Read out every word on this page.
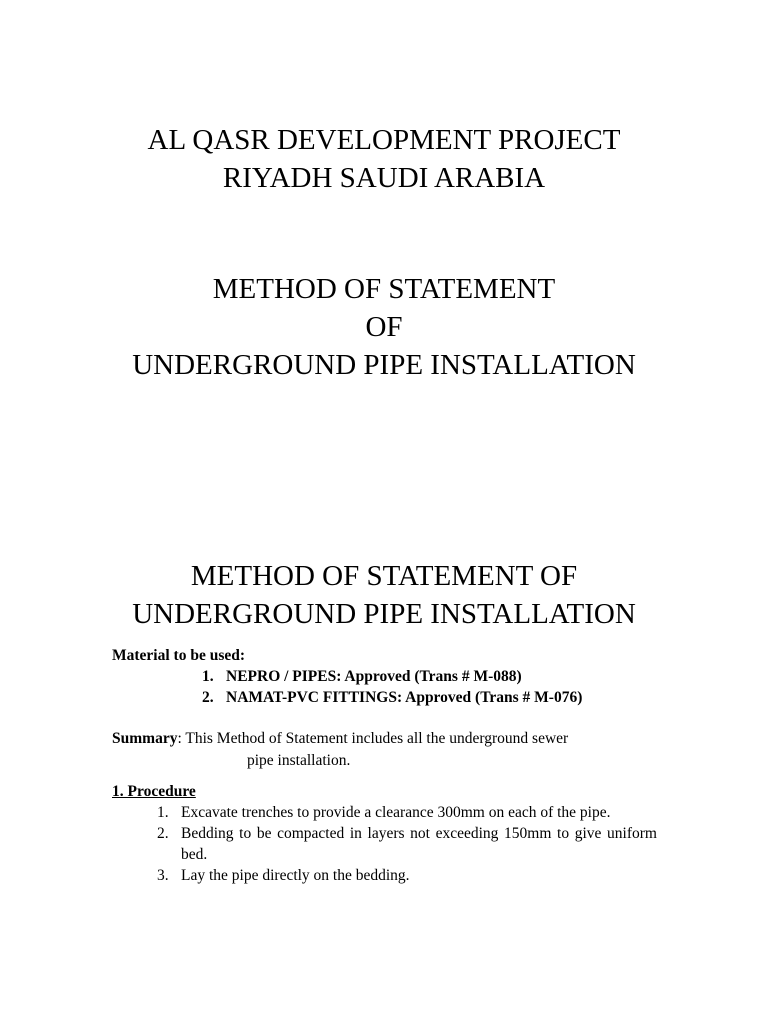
AL QASR DEVELOPMENT PROJECT
RIYADH SAUDI ARABIA
METHOD OF STATEMENT
OF
UNDERGROUND PIPE INSTALLATION
METHOD OF STATEMENT OF
UNDERGROUND PIPE INSTALLATION
Material to be used:
1. NEPRO / PIPES: Approved (Trans # M-088)
2. NAMAT-PVC FITTINGS: Approved (Trans # M-076)
Summary: This Method of Statement includes all the underground sewer
pipe installation.
1. Procedure
1. Excavate trenches to provide a clearance 300mm on each of the pipe.
2. Bedding to be compacted in layers not exceeding 150mm to give uniform bed.
3. Lay the pipe directly on the bedding.
